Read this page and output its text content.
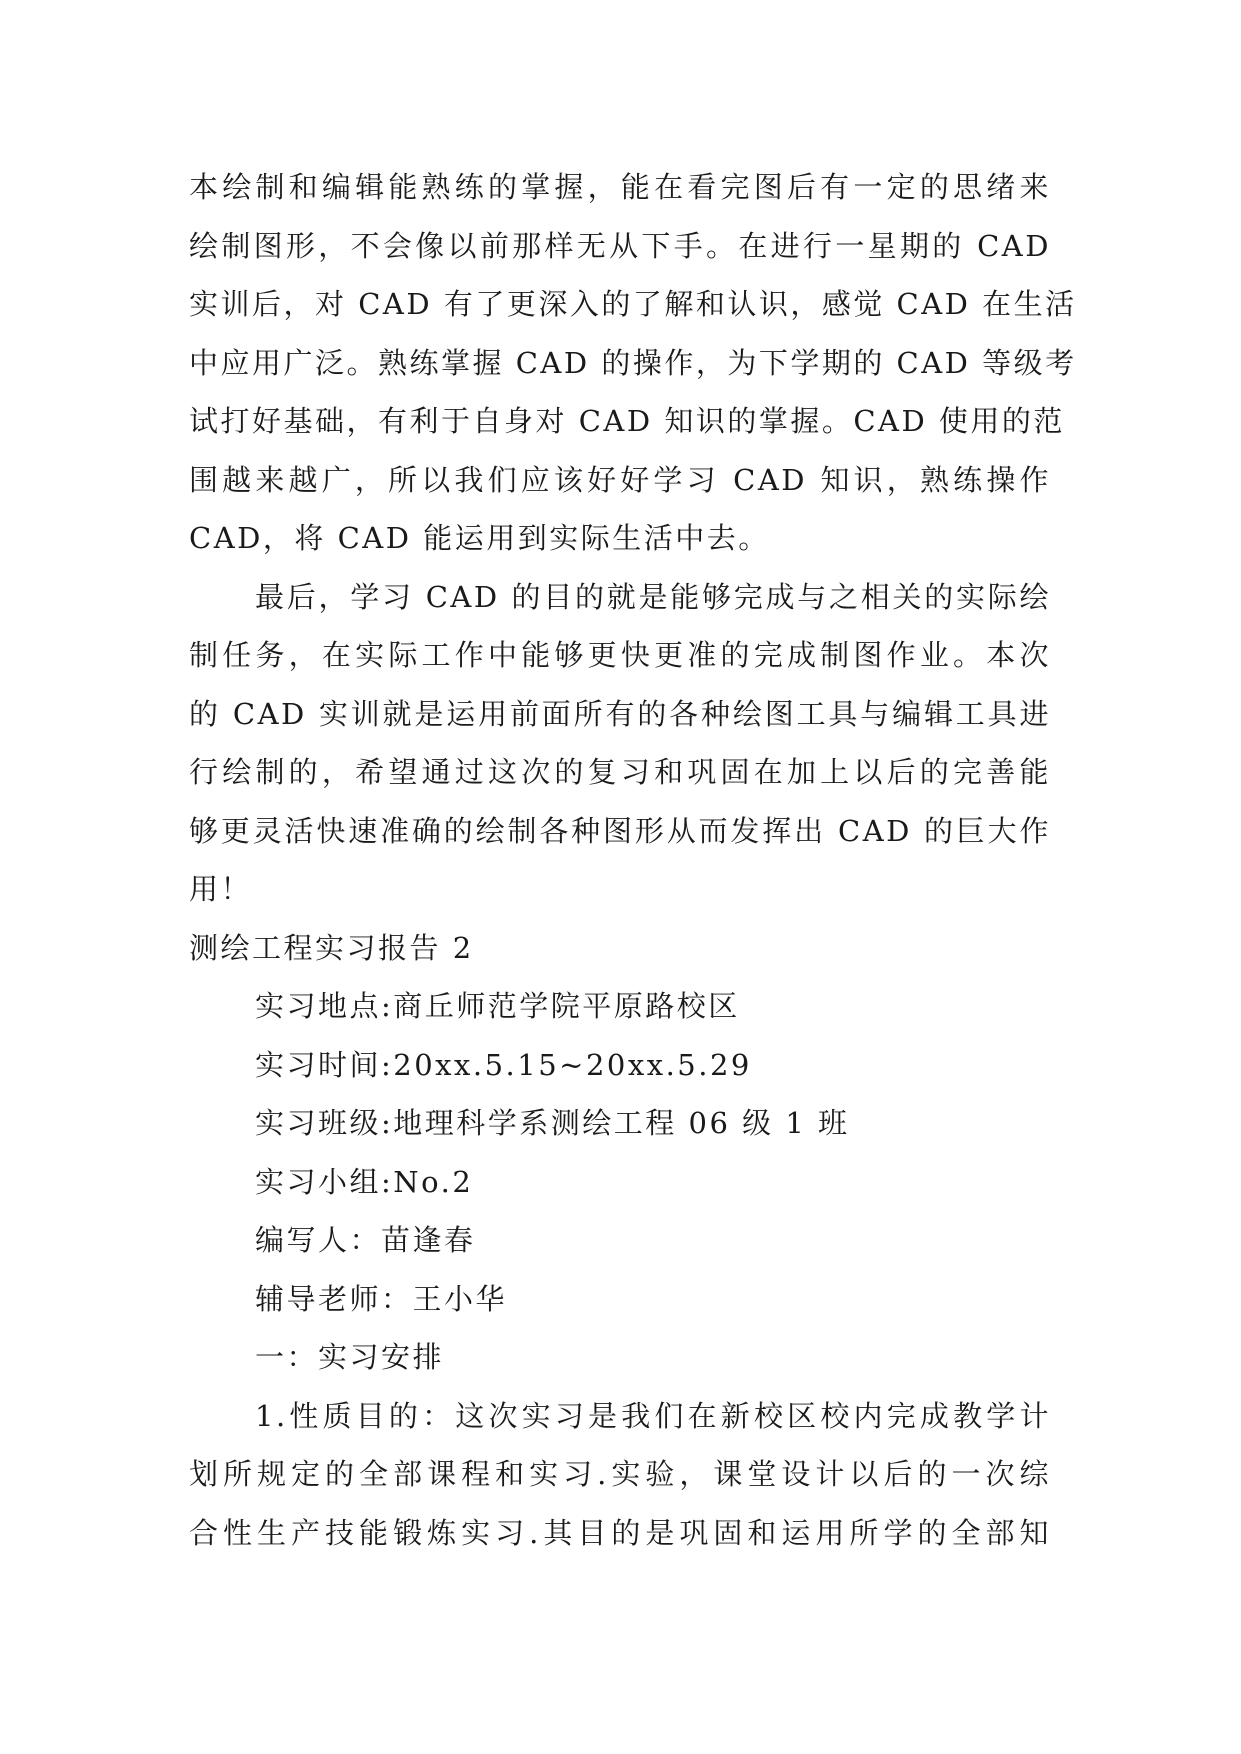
本绘制和编辑能熟练的掌握，能在看完图后有一定的思绪来
绘制图形，不会像以前那样无从下手。在进行一星期的 CAD
实训后，对 CAD 有了更深入的了解和认识，感觉 CAD 在生活
中应用广泛。熟练掌握 CAD 的操作，为下学期的 CAD 等级考
试打好基础，有利于自身对 CAD 知识的掌握。CAD 使用的范
围越来越广，所以我们应该好好学习 CAD 知识，熟练操作
CAD，将 CAD 能运用到实际生活中去。
最后，学习 CAD 的目的就是能够完成与之相关的实际绘
制任务，在实际工作中能够更快更准的完成制图作业。本次
的 CAD 实训就是运用前面所有的各种绘图工具与编辑工具进
行绘制的，希望通过这次的复习和巩固在加上以后的完善能
够更灵活快速准确的绘制各种图形从而发挥出 CAD 的巨大作
用！
测绘工程实习报告 2
实习地点:商丘师范学院平原路校区
实习时间:20xx.5.15~20xx.5.29
实习班级:地理科学系测绘工程 06 级 1 班
实习小组:No.2
编写人：苗逢春
辅导老师：王小华
一：实习安排
1.性质目的：这次实习是我们在新校区校内完成教学计
划所规定的全部课程和实习.实验，课堂设计以后的一次综
合性生产技能锻炼实习.其目的是巩固和运用所学的全部知
